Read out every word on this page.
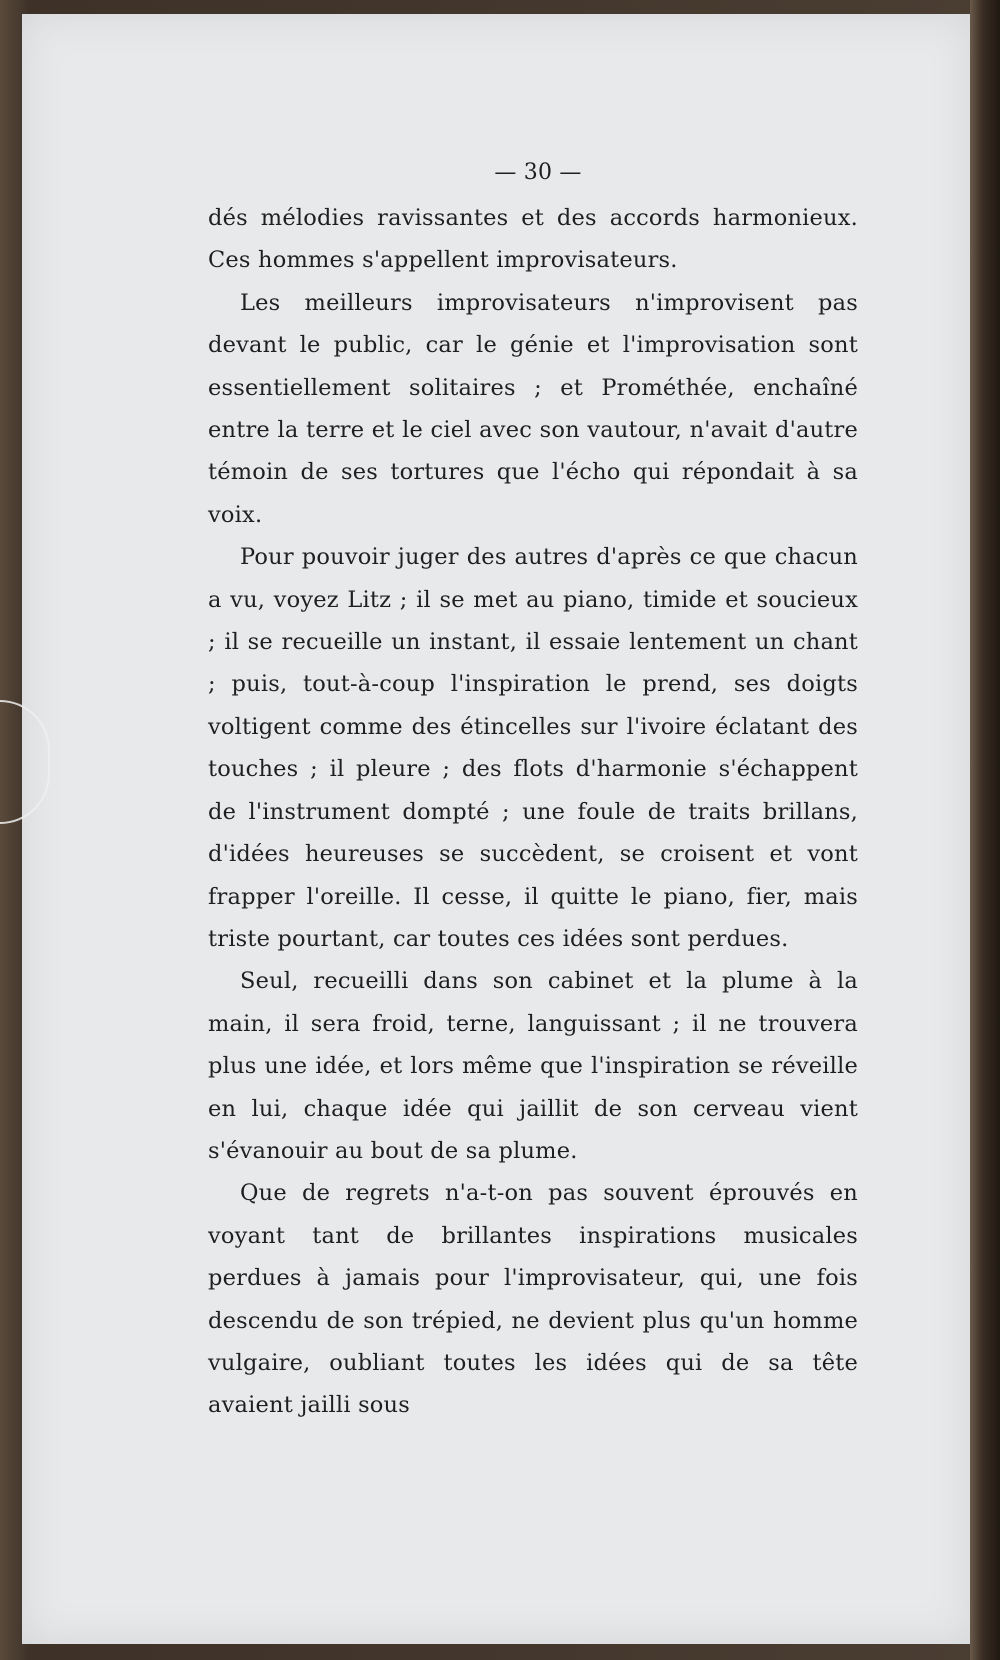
— 30 —

dés mélodies ravissantes et des accords harmonieux. Ces hommes s'appellent improvisateurs.

Les meilleurs improvisateurs n'improvisent pas devant le public, car le génie et l'improvisation sont essentiellement solitaires ; et Prométhée, enchaîné entre la terre et le ciel avec son vautour, n'avait d'autre témoin de ses tortures que l'écho qui répondait à sa voix.

Pour pouvoir juger des autres d'après ce que chacun a vu, voyez Litz ; il se met au piano, timide et soucieux ; il se recueille un instant, il essaie lentement un chant ; puis, tout-à-coup l'inspiration le prend, ses doigts voltigent comme des étincelles sur l'ivoire éclatant des touches ; il pleure ; des flots d'harmonie s'échappent de l'instrument dompté ; une foule de traits brillans, d'idées heureuses se succèdent, se croisent et vont frapper l'oreille. Il cesse, il quitte le piano, fier, mais triste pourtant, car toutes ces idées sont perdues.

Seul, recueilli dans son cabinet et la plume à la main, il sera froid, terne, languissant ; il ne trouvera plus une idée, et lors même que l'inspiration se réveille en lui, chaque idée qui jaillit de son cerveau vient s'évanouir au bout de sa plume.

Que de regrets n'a-t-on pas souvent éprouvés en voyant tant de brillantes inspirations musicales perdues à jamais pour l'improvisateur, qui, une fois descendu de son trépied, ne devient plus qu'un homme vulgaire, oubliant toutes les idées qui de sa tête avaient jailli sous
